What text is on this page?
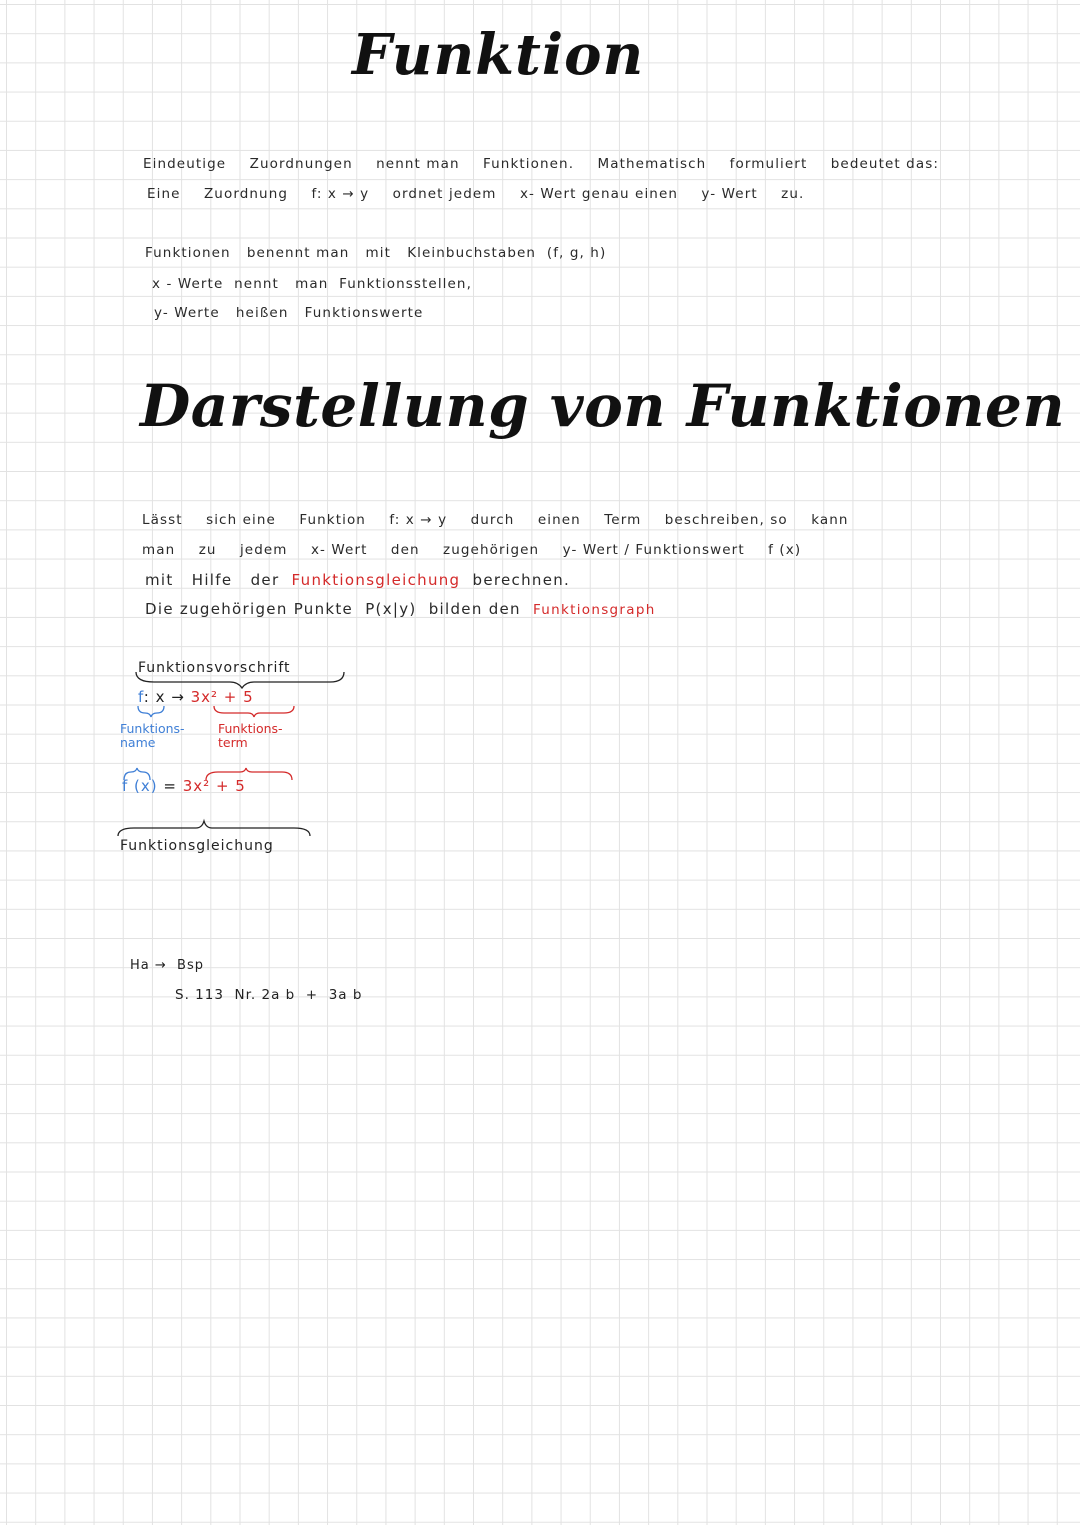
Funktion
Eindeutige Zuordnungen nennt man Funktionen. Mathematisch formuliert bedeutet das:
Eine Zuordnung f: x → y ordnet jedem x- Wert genau einen y- Wert zu.
Funktionen   benennt man   mit   Kleinbuchstaben  (f, g, h)
x - Werte  nennt   man  Funktionsstellen,
y- Werte   heißen   Funktionswerte
Darstellung von Funktionen
Lässt sich eine Funktion f: x → y durch einen Term beschreiben, so kann
man zu jedem x- Wert den zugehörigen y- Wert / Funktionswert f (x)
mit   Hilfe   der  Funktionsgleichung  berechnen.
Die zugehörigen Punkte  P(x|y)  bilden den  Funktionsgraph
Funktionsvorschrift
f: x → 3x² + 5
Funktions-
name
Funktions-
term
f (x) = 3x² + 5
Funktionsgleichung
Ha →  Bsp
S. 113  Nr. 2a b  +  3a b
